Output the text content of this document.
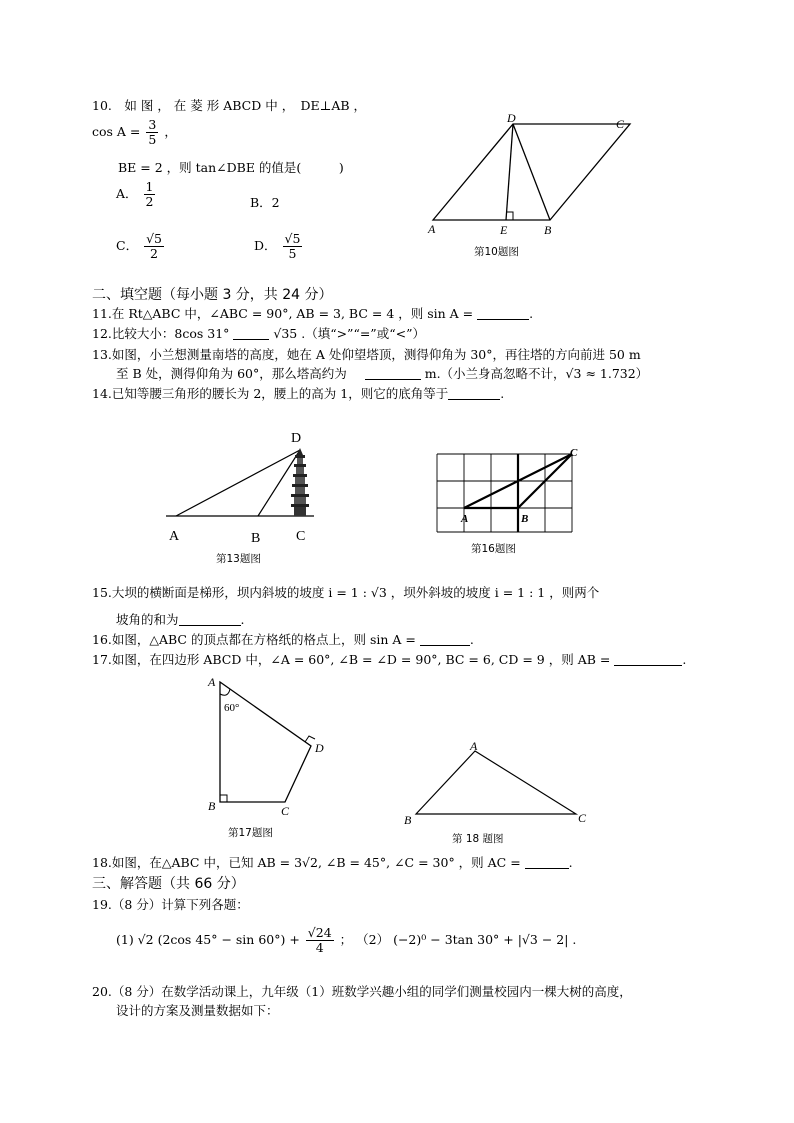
10.　如 图 ， 在 菱 形 ABCD 中 ，　DE⊥AB ，
$\cos A = \frac{3}{5}$ ，
BE = 2 ，则 tan∠DBE 的值是(　　　)
A． $\frac{1}{2}$	B．2
C． $\frac{√5}{2}$	D． $\frac{√5}{5}$
D	C
A	E	B
第10题图
二、填空题（每小题 3 分，共 24 分）
11.在 Rt△ABC 中，∠ABC = 90°, AB = 3, BC = 4 ，则 sin A =	.
12.比较大小：8cos 31°	√35 .（填“>”“=”或“<”）
13.如图，小兰想测量南塔的高度，她在 A 处仰望塔顶，测得仰角为 30°，再往塔的方向前进 50 m
至 B 处，测得仰角为 60°，那么塔高约为	m.（小兰身高忽略不计，√3 ≈ 1.732）
14.已知等腰三角形的腰长为 2，腰上的高为 1，则它的底角等于	.
D
A	B	C
第13题图
A	B
C
第16题图
15.大坝的横断面是梯形，坝内斜坡的坡度 i = 1 : √3 ，坝外斜坡的坡度 i = 1 : 1 ，则两个
坡角的和为	.
16.如图，△ABC 的顶点都在方格纸的格点上，则 sin A =	.
17.如图，在四边形 ABCD 中，∠A = 60°, ∠B = ∠D = 90°, BC = 6, CD = 9 ，则 AB =	.
A
60°
D
B	C
第17题图
A
B	C
第 18 题图
18.如图，在△ABC 中，已知 AB = 3√2, ∠B = 45°, ∠C = 30° ，则 AC =	.
三、解答题（共 66 分）
19.（8 分）计算下列各题：
(1) √2 (2cos $45^\circ - \sin 60^\circ) + \frac{√24}{4}$ ； （2） (−2)⁰ − 3tan 30° + |√3 − 2| .
20.（8 分）在数学活动课上，九年级（1）班数学兴趣小组的同学们测量校园内一棵大树的高度，
设计的方案及测量数据如下：
